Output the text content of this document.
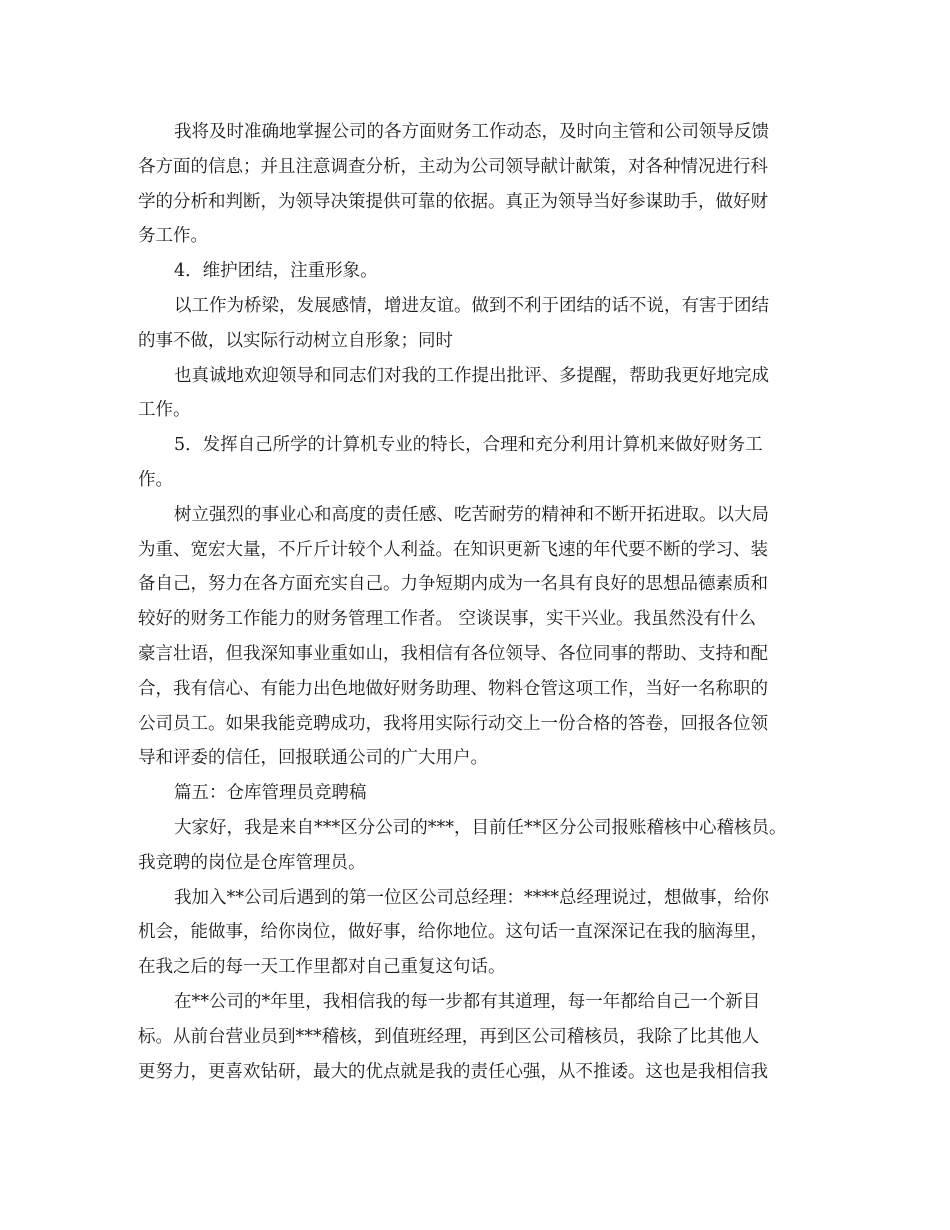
我将及时准确地掌握公司的各方面财务工作动态，及时向主管和公司领导反馈
各方面的信息；并且注意调查分析，主动为公司领导献计献策，对各种情况进行科
学的分析和判断，为领导决策提供可靠的依据。真正为领导当好参谋助手，做好财
务工作。
4．维护团结，注重形象。
以工作为桥梁，发展感情，增进友谊。做到不利于团结的话不说，有害于团结
的事不做，以实际行动树立自形象；同时
也真诚地欢迎领导和同志们对我的工作提出批评、多提醒，帮助我更好地完成
工作。
5．发挥自己所学的计算机专业的特长，合理和充分利用计算机来做好财务工
作。
树立强烈的事业心和高度的责任感、吃苦耐劳的精神和不断开拓进取。以大局
为重、宽宏大量，不斤斤计较个人利益。在知识更新飞速的年代要不断的学习、装
备自己，努力在各方面充实自己。力争短期内成为一名具有良好的思想品德素质和
较好的财务工作能力的财务管理工作者。 空谈误事，实干兴业。我虽然没有什么
豪言壮语，但我深知事业重如山，我相信有各位领导、各位同事的帮助、支持和配
合，我有信心、有能力出色地做好财务助理、物料仓管这项工作，当好一名称职的
公司员工。如果我能竞聘成功，我将用实际行动交上一份合格的答卷，回报各位领
导和评委的信任，回报联通公司的广大用户。
篇五：仓库管理员竞聘稿
大家好，我是来自***区分公司的***，目前任**区分公司报账稽核中心稽核员。
我竞聘的岗位是仓库管理员。
我加入**公司后遇到的第一位区公司总经理：****总经理说过，想做事，给你
机会，能做事，给你岗位，做好事，给你地位。这句话一直深深记在我的脑海里，
在我之后的每一天工作里都对自己重复这句话。
在**公司的*年里，我相信我的每一步都有其道理，每一年都给自己一个新目
标。从前台营业员到***稽核，到值班经理，再到区公司稽核员，我除了比其他人
更努力，更喜欢钻研，最大的优点就是我的责任心强，从不推诿。这也是我相信我
